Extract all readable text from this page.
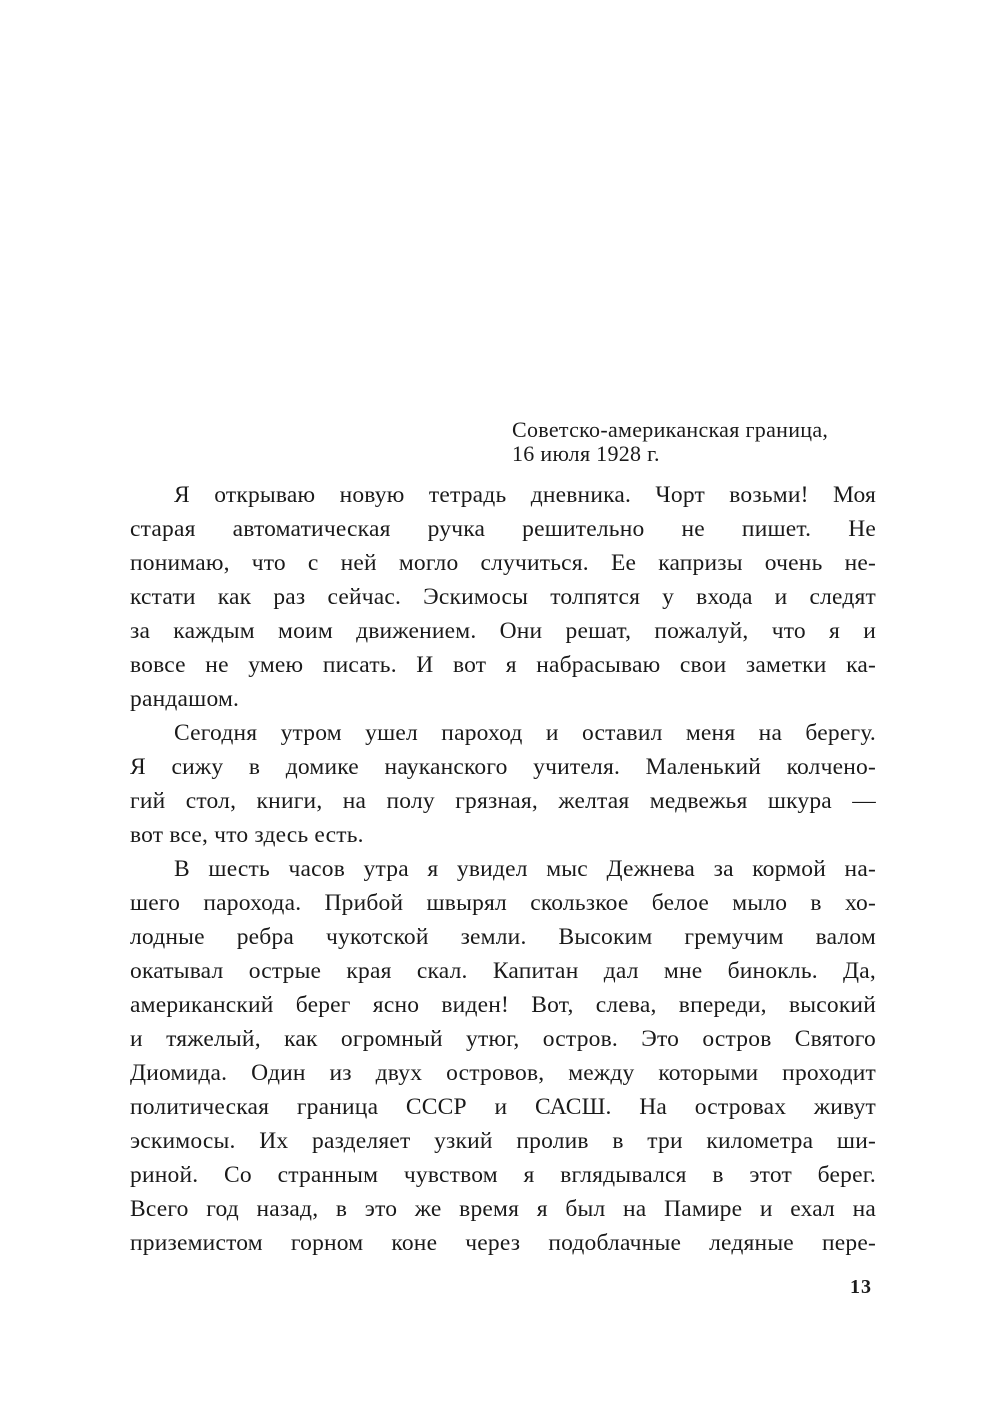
Советско-американская граница,
16 июля 1928 г.
Я открываю новую тетрадь дневника. Чорт возьми! Моя
старая автоматическая ручка решительно не пишет. Не
понимаю, что с ней могло случиться. Ее капризы очень не-
кстати как раз сейчас. Эскимосы толпятся у входа и следят
за каждым моим движением. Они решат, пожалуй, что я и
вовсе не умею писать. И вот я набрасываю свои заметки ка-
рандашом.
Сегодня утром ушел пароход и оставил меня на берегу.
Я сижу в домике науканского учителя. Маленький колчено-
гий стол, книги, на полу грязная, желтая медвежья шкура —
вот все, что здесь есть.
В шесть часов утра я увидел мыс Дежнева за кормой на-
шего парохода. Прибой швырял скользкое белое мыло в хо-
лодные ребра чукотской земли. Высоким гремучим валом
окатывал острые края скал. Капитан дал мне бинокль. Да,
американский берег ясно виден! Вот, слева, впереди, высокий
и тяжелый, как огромный утюг, остров. Это остров Святого
Диомида. Один из двух островов, между которыми проходит
политическая граница СССР и САСШ. На островах живут
эскимосы. Их разделяет узкий пролив в три километра ши-
риной. Со странным чувством я вглядывался в этот берег.
Всего год назад, в это же время я был на Памире и ехал на
приземистом горном коне через подоблачные ледяные пере-
13
